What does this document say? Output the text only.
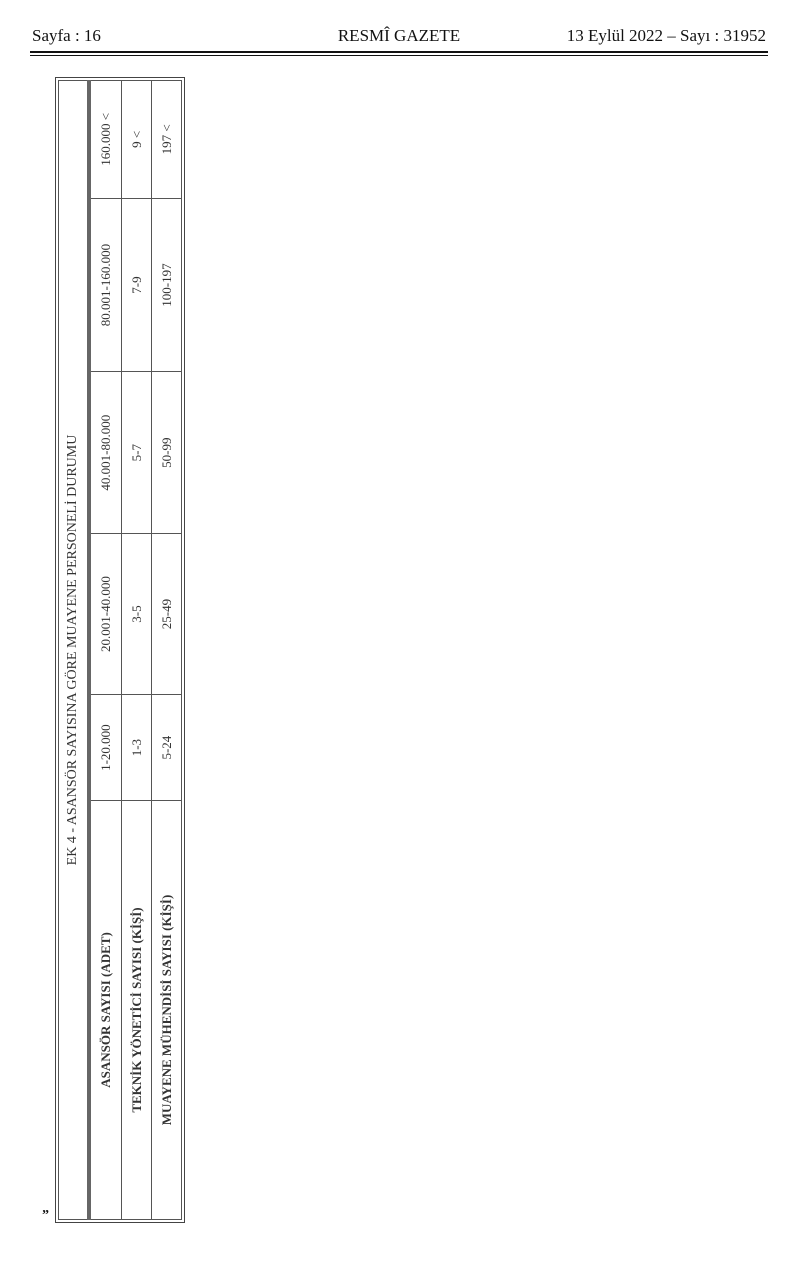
Sayfa : 16	RESMÎ GAZETE	13 Eylül 2022 – Sayı : 31952
EK 4 - ASANSÖR SAYISINA GÖRE MUAYENE PERSONELİ DURUMU					
ASANSÖR SAYISI (ADET)	1-20.000	20.001-40.000	40.001-80.000	80.001-160.000	160.000 <
TEKNİK YÖNETİCİ SAYISI (KİŞİ)	1-3	3-5	5-7	7-9	9 <
MUAYENE MÜHENDİSİ SAYISI (KİŞİ)	5-24	25-49	50-99	100-197	197 <
”
